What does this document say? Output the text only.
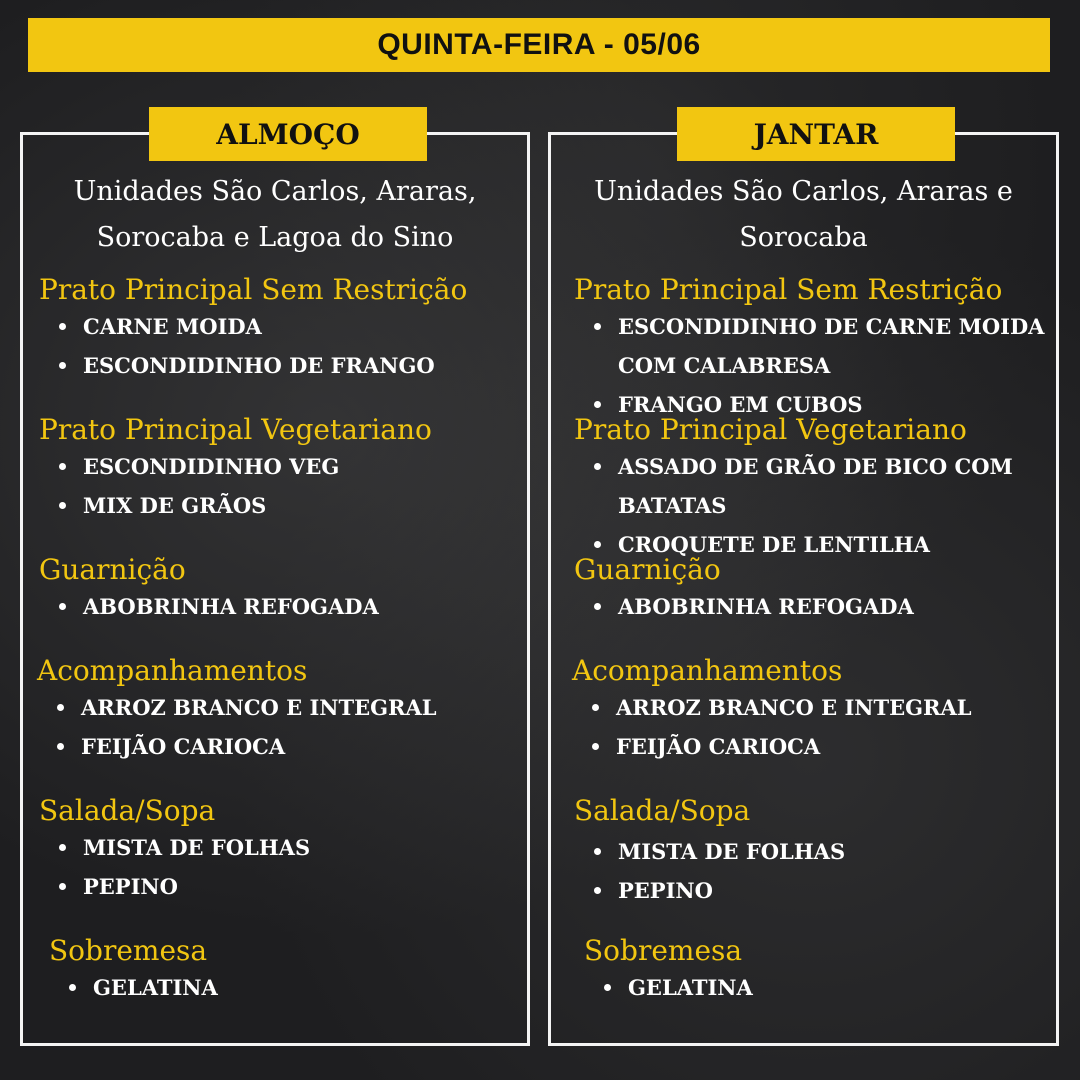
QUINTA-FEIRA - 05/06
ALMOÇO
Unidades São Carlos, Araras, Sorocaba e Lagoa do Sino
Prato Principal Sem Restrição
CARNE MOIDA
ESCONDIDINHO DE FRANGO
Prato Principal Vegetariano
ESCONDIDINHO VEG
MIX DE GRÃOS
Guarnição
ABOBRINHA REFOGADA
Acompanhamentos
ARROZ BRANCO E INTEGRAL
FEIJÃO CARIOCA
Salada/Sopa
MISTA DE FOLHAS
PEPINO
Sobremesa
GELATINA
JANTAR
Unidades São Carlos, Araras e Sorocaba
Prato Principal Sem Restrição
ESCONDIDINHO DE CARNE MOIDA
COM CALABRESA
FRANGO EM CUBOS
Prato Principal Vegetariano
ASSADO DE GRÃO DE BICO COM
BATATAS
CROQUETE DE LENTILHA
Guarnição
ABOBRINHA REFOGADA
Acompanhamentos
ARROZ BRANCO E INTEGRAL
FEIJÃO CARIOCA
Salada/Sopa
MISTA DE FOLHAS
PEPINO
Sobremesa
GELATINA
